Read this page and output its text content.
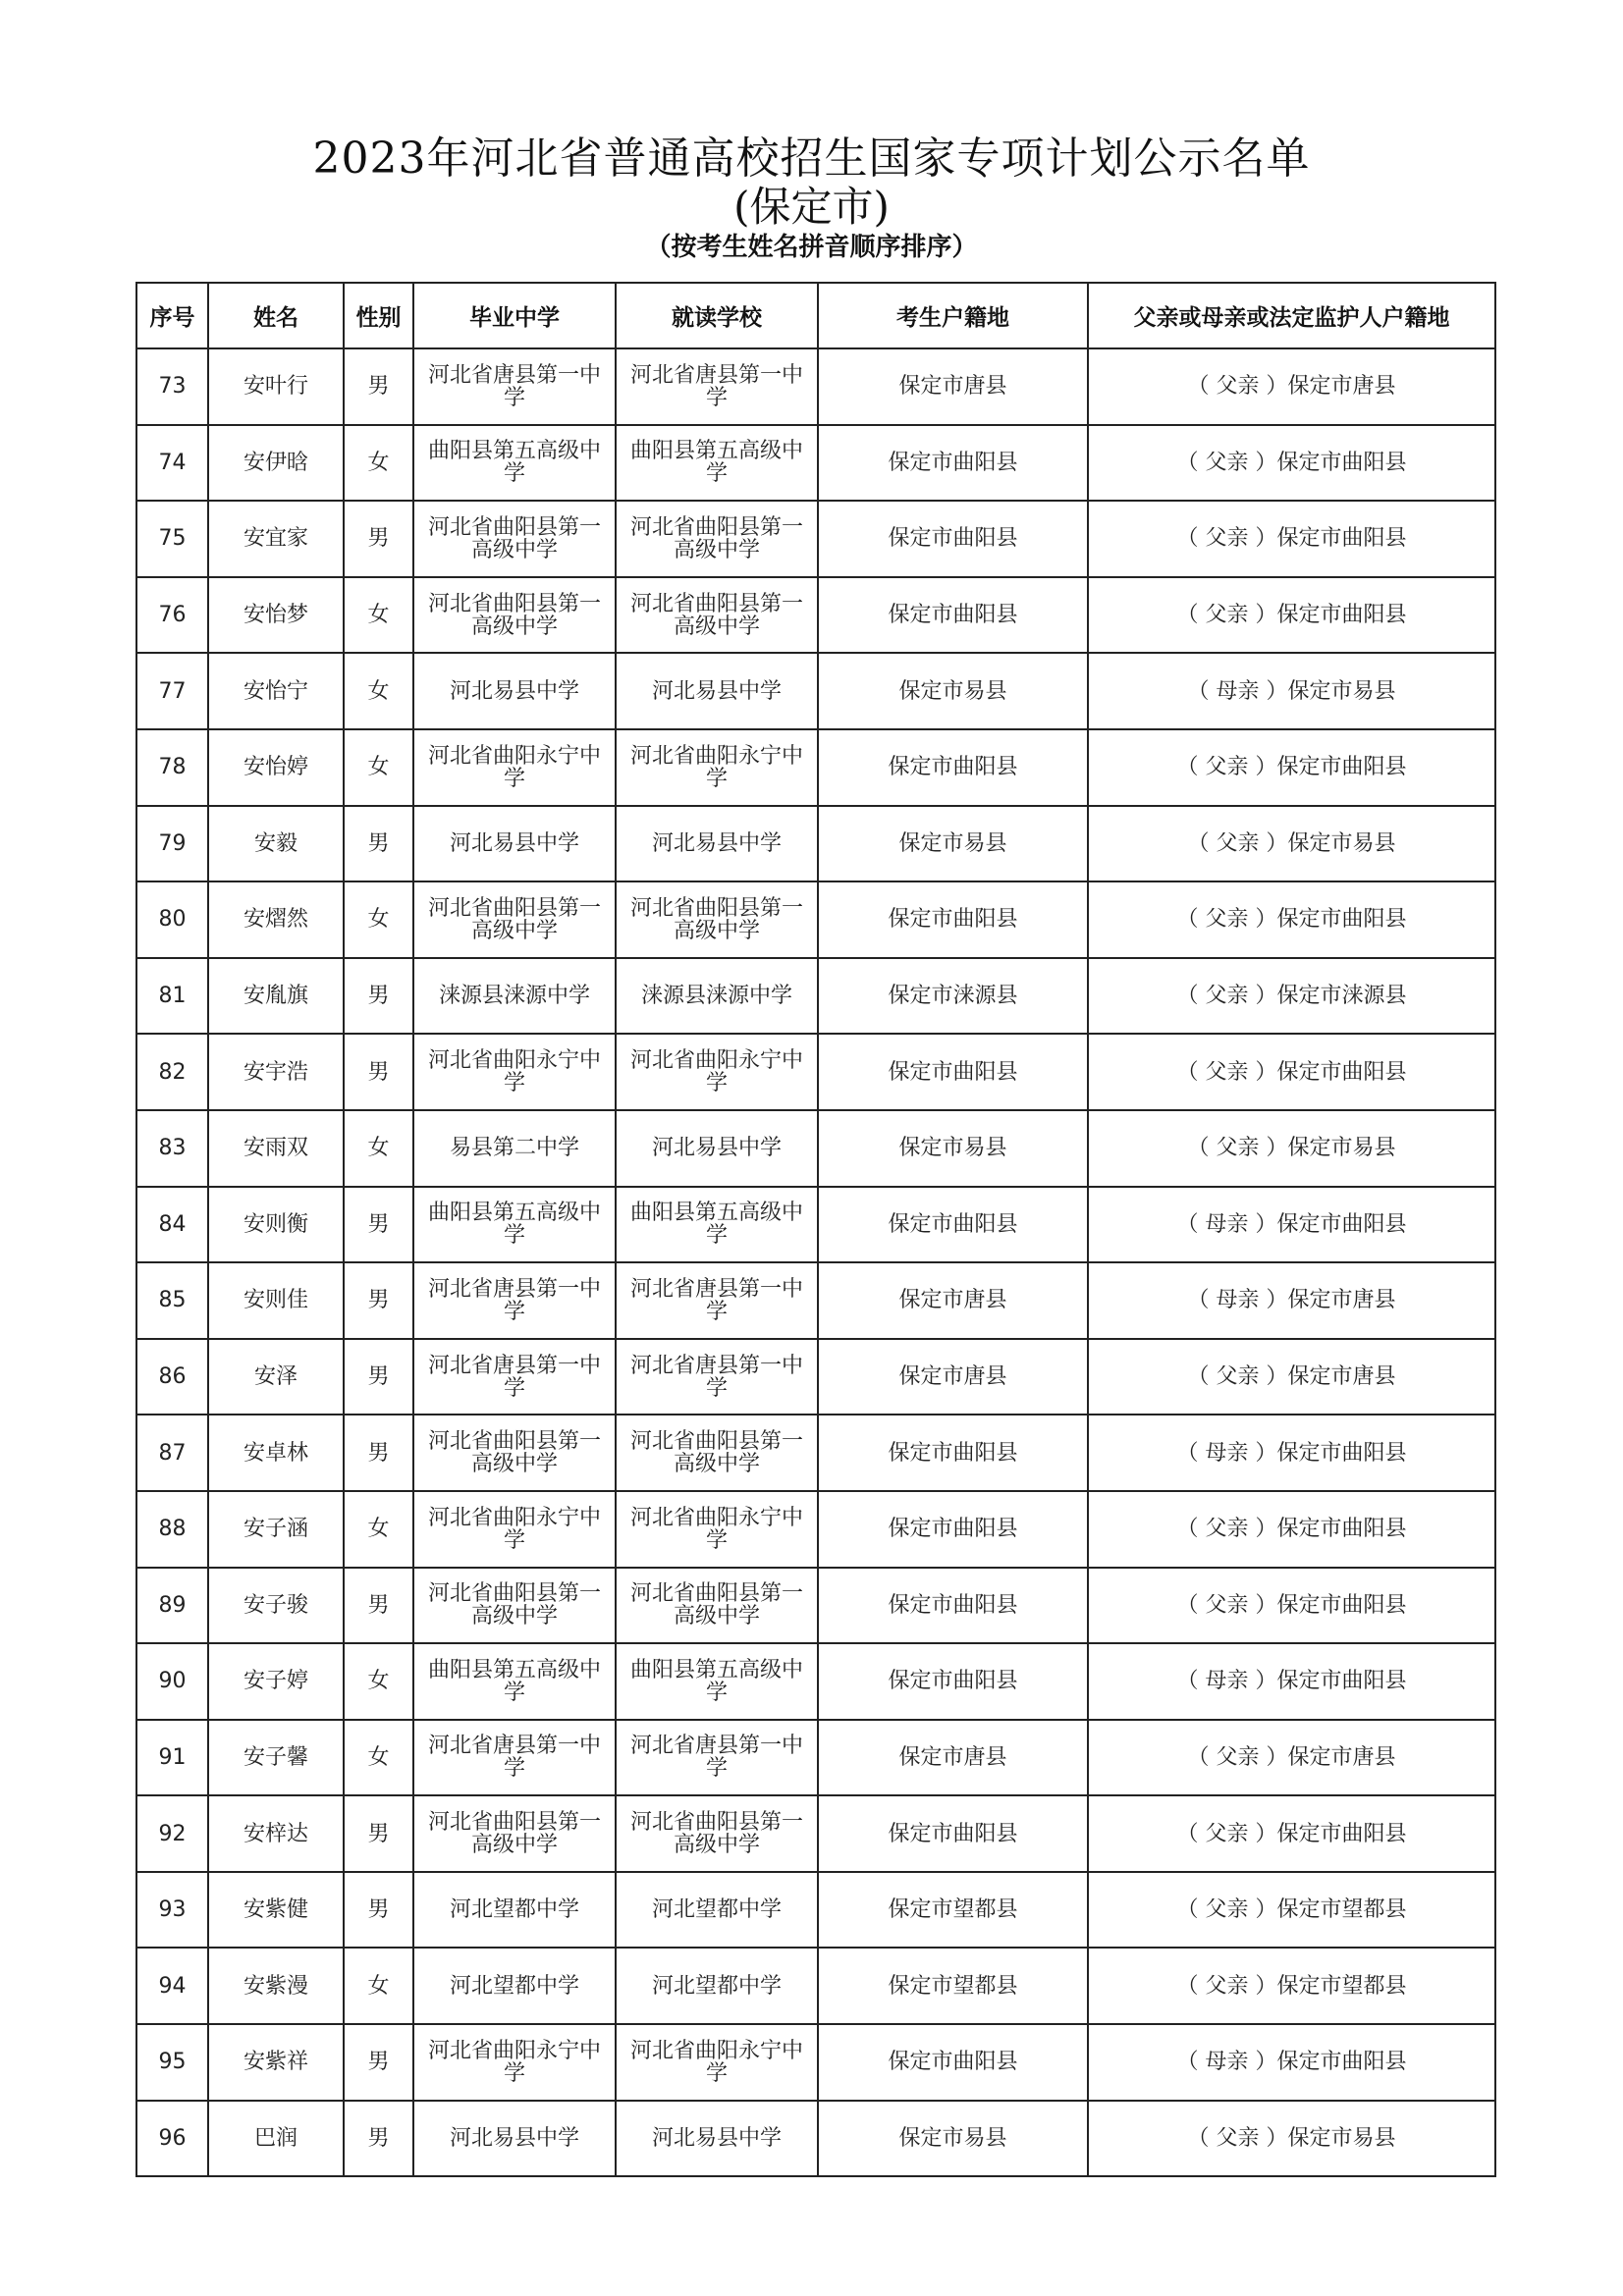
2023年河北省普通高校招生国家专项计划公示名单
(保定市)
（按考生姓名拼音顺序排序）
序号	姓名	性别	毕业中学	就读学校	考生户籍地	父亲或母亲或法定监护人户籍地
73	安叶行	男	河北省唐县第一中学	河北省唐县第一中学	保定市唐县	（ 父亲 ）保定市唐县
74	安伊晗	女	曲阳县第五高级中学	曲阳县第五高级中学	保定市曲阳县	（ 父亲 ）保定市曲阳县
75	安宜家	男	河北省曲阳县第一高级中学	河北省曲阳县第一高级中学	保定市曲阳县	（ 父亲 ）保定市曲阳县
76	安怡梦	女	河北省曲阳县第一高级中学	河北省曲阳县第一高级中学	保定市曲阳县	（ 父亲 ）保定市曲阳县
77	安怡宁	女	河北易县中学	河北易县中学	保定市易县	（ 母亲 ）保定市易县
78	安怡婷	女	河北省曲阳永宁中学	河北省曲阳永宁中学	保定市曲阳县	（ 父亲 ）保定市曲阳县
79	安毅	男	河北易县中学	河北易县中学	保定市易县	（ 父亲 ）保定市易县
80	安熠然	女	河北省曲阳县第一高级中学	河北省曲阳县第一高级中学	保定市曲阳县	（ 父亲 ）保定市曲阳县
81	安胤旗	男	涞源县涞源中学	涞源县涞源中学	保定市涞源县	（ 父亲 ）保定市涞源县
82	安宇浩	男	河北省曲阳永宁中学	河北省曲阳永宁中学	保定市曲阳县	（ 父亲 ）保定市曲阳县
83	安雨双	女	易县第二中学	河北易县中学	保定市易县	（ 父亲 ）保定市易县
84	安则衡	男	曲阳县第五高级中学	曲阳县第五高级中学	保定市曲阳县	（ 母亲 ）保定市曲阳县
85	安则佳	男	河北省唐县第一中学	河北省唐县第一中学	保定市唐县	（ 母亲 ）保定市唐县
86	安泽	男	河北省唐县第一中学	河北省唐县第一中学	保定市唐县	（ 父亲 ）保定市唐县
87	安卓林	男	河北省曲阳县第一高级中学	河北省曲阳县第一高级中学	保定市曲阳县	（ 母亲 ）保定市曲阳县
88	安子涵	女	河北省曲阳永宁中学	河北省曲阳永宁中学	保定市曲阳县	（ 父亲 ）保定市曲阳县
89	安子骏	男	河北省曲阳县第一高级中学	河北省曲阳县第一高级中学	保定市曲阳县	（ 父亲 ）保定市曲阳县
90	安子婷	女	曲阳县第五高级中学	曲阳县第五高级中学	保定市曲阳县	（ 母亲 ）保定市曲阳县
91	安子馨	女	河北省唐县第一中学	河北省唐县第一中学	保定市唐县	（ 父亲 ）保定市唐县
92	安梓达	男	河北省曲阳县第一高级中学	河北省曲阳县第一高级中学	保定市曲阳县	（ 父亲 ）保定市曲阳县
93	安紫健	男	河北望都中学	河北望都中学	保定市望都县	（ 父亲 ）保定市望都县
94	安紫漫	女	河北望都中学	河北望都中学	保定市望都县	（ 父亲 ）保定市望都县
95	安紫祥	男	河北省曲阳永宁中学	河北省曲阳永宁中学	保定市曲阳县	（ 母亲 ）保定市曲阳县
96	巴润	男	河北易县中学	河北易县中学	保定市易县	（ 父亲 ）保定市易县
